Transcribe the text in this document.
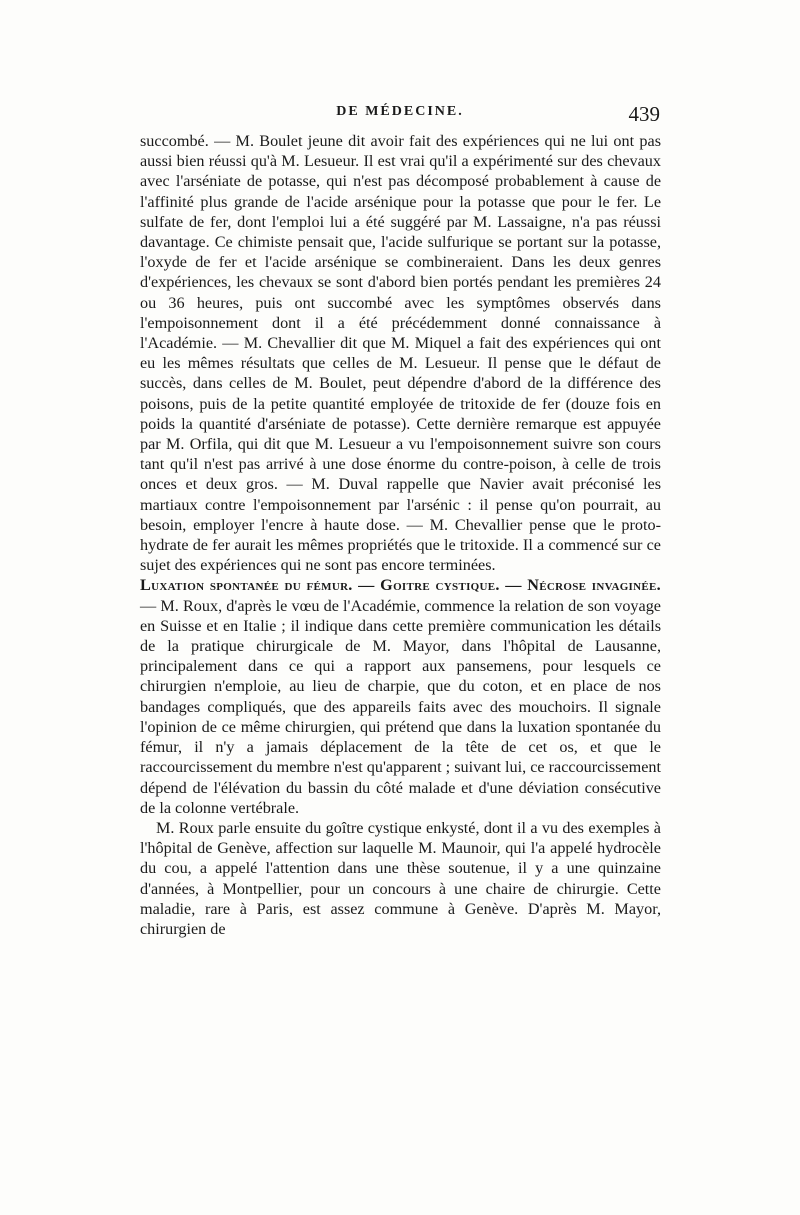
DE MÉDECINE.	439

succombé. — M. Boulet jeune dit avoir fait des expériences qui ne lui ont pas aussi bien réussi qu'à M. Lesueur. Il est vrai qu'il a expérimenté sur des chevaux avec l'arséniate de potasse, qui n'est pas décomposé probablement à cause de l'affinité plus grande de l'acide arsénique pour la potasse que pour le fer. Le sulfate de fer, dont l'emploi lui a été suggéré par M. Lassaigne, n'a pas réussi davantage. Ce chimiste pensait que, l'acide sulfurique se portant sur la potasse, l'oxyde de fer et l'acide arsénique se combineraient. Dans les deux genres d'expériences, les chevaux se sont d'abord bien portés pendant les premières 24 ou 36 heures, puis ont succombé avec les symptômes observés dans l'empoisonnement dont il a été précédemment donné connaissance à l'Académie. — M. Chevallier dit que M. Miquel a fait des expériences qui ont eu les mêmes résultats que celles de M. Lesueur. Il pense que le défaut de succès, dans celles de M. Boulet, peut dépendre d'abord de la différence des poisons, puis de la petite quantité employée de tritoxide de fer (douze fois en poids la quantité d'arséniate de potasse). Cette dernière remarque est appuyée par M. Orfila, qui dit que M. Lesueur a vu l'empoisonnement suivre son cours tant qu'il n'est pas arrivé à une dose énorme du contre-poison, à celle de trois onces et deux gros. — M. Duval rappelle que Navier avait préconisé les martiaux contre l'empoisonnement par l'arsénic : il pense qu'on pourrait, au besoin, employer l'encre à haute dose. — M. Chevallier pense que le proto-hydrate de fer aurait les mêmes propriétés que le tritoxide. Il a commencé sur ce sujet des expériences qui ne sont pas encore terminées.

Luxation spontanée du fémur. — Goitre cystique. — Nécrose invaginée. — M. Roux, d'après le vœu de l'Académie, commence la relation de son voyage en Suisse et en Italie ; il indique dans cette première communication les détails de la pratique chirurgicale de M. Mayor, dans l'hôpital de Lausanne, principalement dans ce qui a rapport aux pansemens, pour lesquels ce chirurgien n'emploie, au lieu de charpie, que du coton, et en place de nos bandages compliqués, que des appareils faits avec des mouchoirs. Il signale l'opinion de ce même chirurgien, qui prétend que dans la luxation spontanée du fémur, il n'y a jamais déplacement de la tête de cet os, et que le raccourcissement du membre n'est qu'apparent ; suivant lui, ce raccourcissement dépend de l'élévation du bassin du côté malade et d'une déviation consécutive de la colonne vertébrale.

M. Roux parle ensuite du goître cystique enkysté, dont il a vu des exemples à l'hôpital de Genève, affection sur laquelle M. Maunoir, qui l'a appelé hydrocèle du cou, a appelé l'attention dans une thèse soutenue, il y a une quinzaine d'années, à Montpellier, pour un concours à une chaire de chirurgie. Cette maladie, rare à Paris, est assez commune à Genève. D'après M. Mayor, chirurgien de
